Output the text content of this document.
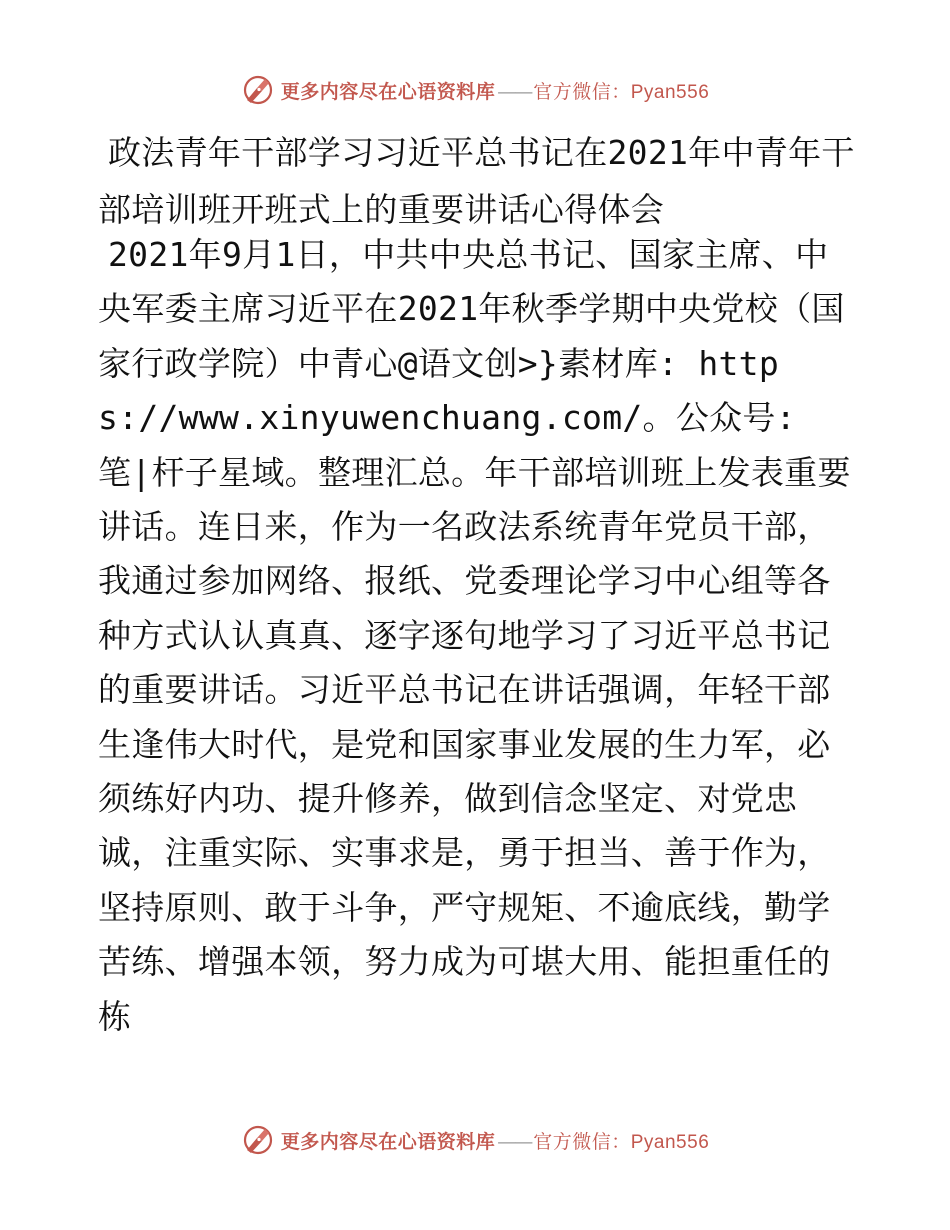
更多内容尽在心语资料库 —— 官方微信：Pyan556
政法青年干部学习习近平总书记在2021年中青年干部培训班开班式上的重要讲话心得体会

2021年9月1日，中共中央总书记、国家主席、中央军委主席习近平在2021年秋季学期中央党校（国家行政学院）中青心@语文创>}素材库: https://www.xinyuwenchuang.com/。公众号: 笔|杆子星域。整理汇总。年干部培训班上发表重要讲话。连日来，作为一名政法系统青年党员干部，我通过参加网络、报纸、党委理论学习中心组等各种方式认认真真、逐字逐句地学习了习近平总书记的重要讲话。习近平总书记在讲话强调，年轻干部生逢伟大时代，是党和国家事业发展的生力军，必须练好内功、提升修养，做到信念坚定、对党忠诚，注重实际、实事求是，勇于担当、善于作为，坚持原则、敢于斗争，严守规矩、不逾底线，勤学苦练、增强本领，努力成为可堪大用、能担重任的栋

更多内容尽在心语资料库 —— 官方微信：Pyan556
